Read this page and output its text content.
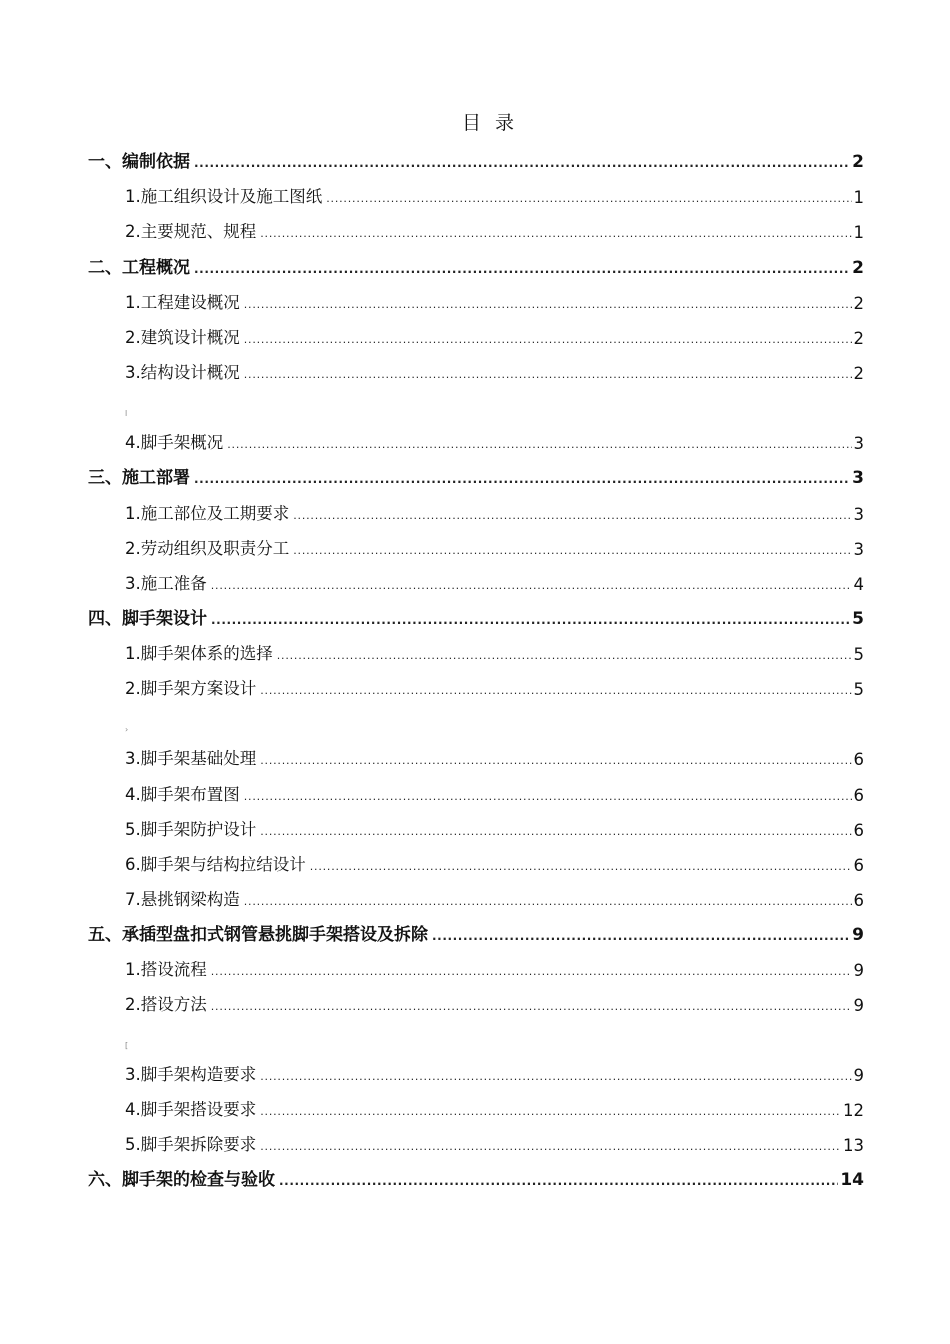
目录
一、编制依据 .....	2
1.施工组织设计及施工图纸 .....	1
2.主要规范、规程 .....	1
二、工程概况 .....	2
1.工程建设概况 .....	2
2.建筑设计概况 .....	2
3.结构设计概况 .....	2
4.脚手架概况 .....	3
三、施工部署 .....	3
1.施工部位及工期要求 .....	3
2.劳动组织及职责分工 .....	3
3.施工准备 .....	4
四、脚手架设计 .....	5
1.脚手架体系的选择 .....	5
2.脚手架方案设计 .....	5
3.脚手架基础处理 .....	6
4.脚手架布置图 .....	6
5.脚手架防护设计 .....	6
6.脚手架与结构拉结设计 .....	6
7.悬挑钢梁构造 .....	6
五、承插型盘扣式钢管悬挑脚手架搭设及拆除 .....	9
1.搭设流程 .....	9
2.搭设方法 .....	9
3.脚手架构造要求 .....	9
4.脚手架搭设要求 .....	12
5.脚手架拆除要求 .....	13
六、脚手架的检查与验收 .....	14
l
›
[
